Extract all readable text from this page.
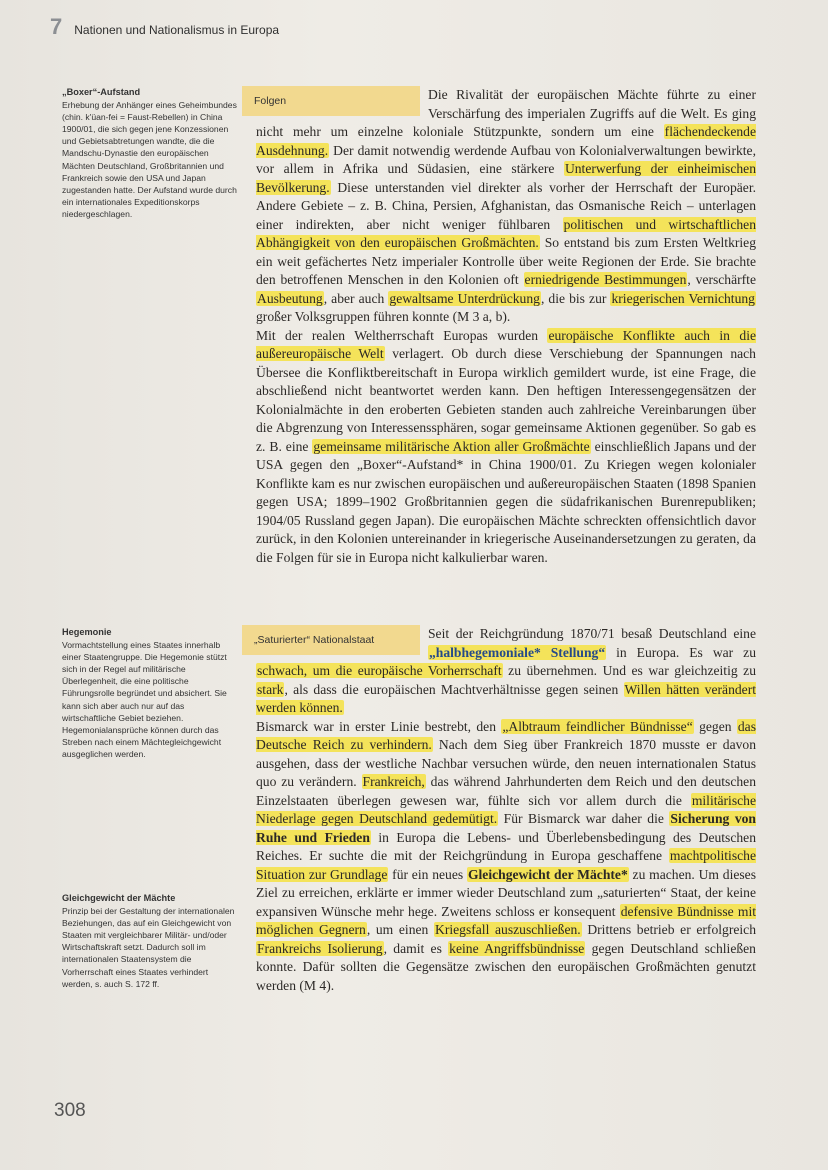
7 Nationen und Nationalismus in Europa
„Boxer“-Aufstand
Erhebung der Anhänger eines Geheimbundes (chin. k'üan-fei = Faust-Rebellen) in China 1900/01, die sich gegen jene Konzessionen und Gebietsabtretungen wandte, die die Mandschu-Dynastie den europäischen Mächten Deutschland, Großbritannien und Frankreich sowie den USA und Japan zugestanden hatte. Der Aufstand wurde durch ein internationales Expeditionskorps niedergeschlagen.
Hegemonie
Vormachtstellung eines Staates innerhalb einer Staatengruppe. Die Hegemonie stützt sich in der Regel auf militärische Überlegenheit, die eine politische Führungsrolle begründet und absichert. Sie kann sich aber auch nur auf das wirtschaftliche Gebiet beziehen. Hegemonialansprüche können durch das Streben nach einem Mächtegleichgewicht ausgeglichen werden.
Gleichgewicht der Mächte
Prinzip bei der Gestaltung der internationalen Beziehungen, das auf ein Gleichgewicht von Staaten mit vergleichbarer Militär- und/oder Wirtschaftskraft setzt. Dadurch soll im internationalen Staatensystem die Vorherrschaft eines Staates verhindert werden, s. auch S. 172 ff.
Folgen	Die Rivalität der europäischen Mächte führte zu einer Verschärfung des imperialen Zugriffs auf die Welt. Es ging nicht mehr um einzelne koloniale Stützpunkte, sondern um eine flächendeckende Ausdehnung. Der damit notwendig werdende Aufbau von Kolonialverwaltungen bewirkte, vor allem in Afrika und Südasien, eine stärkere Unterwerfung der einheimischen Bevölkerung. Diese unterstanden viel direkter als vorher der Herrschaft der Europäer. Andere Gebiete – z. B. China, Persien, Afghanistan, das Osmanische Reich – unterlagen einer indirekten, aber nicht weniger fühlbaren politischen und wirtschaftlichen Abhängigkeit von den europäischen Großmächten. So entstand bis zum Ersten Weltkrieg ein weit gefächertes Netz imperialer Kontrolle über weite Regionen der Erde. Sie brachte den betroffenen Menschen in den Kolonien oft erniedrigende Bestimmungen, verschärfte Ausbeutung, aber auch gewaltsame Unterdrückung, die bis zur kriegerischen Vernichtung großer Volksgruppen führen konnte (M 3 a, b).

Mit der realen Weltherrschaft Europas wurden europäische Konflikte auch in die außereuropäische Welt verlagert. Ob durch diese Verschiebung der Spannungen nach Übersee die Konfliktbereitschaft in Europa wirklich gemildert wurde, ist eine Frage, die abschließend nicht beantwortet werden kann. Den heftigen Interessengegensätzen der Kolonialmächte in den eroberten Gebieten standen auch zahlreiche Vereinbarungen über die Abgrenzung von Interessenssphären, sogar gemeinsame Aktionen gegenüber. So gab es z. B. eine gemeinsame militärische Aktion aller Großmächte einschließlich Japans und der USA gegen den „Boxer“-Aufstand* in China 1900/01. Zu Kriegen wegen kolonialer Konflikte kam es nur zwischen europäischen und außereuropäischen Staaten (1898 Spanien gegen USA; 1899–1902 Großbritannien gegen die südafrikanischen Burenrepubliken; 1904/05 Russland gegen Japan). Die europäischen Mächte schreckten offensichtlich davor zurück, in den Kolonien untereinander in kriegerische Auseinandersetzungen zu geraten, da die Folgen für sie in Europa nicht kalkulierbar waren.

„Saturierter“ Nationalstaat	Seit der Reichgründung 1870/71 besaß Deutschland eine „halbhegemoniale* Stellung“ in Europa. Es war zu schwach, um die europäische Vorherrschaft zu übernehmen. Und es war gleichzeitig zu stark, als dass die europäischen Machtverhältnisse gegen seinen Willen hätten verändert werden können.

Bismarck war in erster Linie bestrebt, den „Albtraum feindlicher Bündnisse“ gegen das Deutsche Reich zu verhindern. Nach dem Sieg über Frankreich 1870 musste er davon ausgehen, dass der westliche Nachbar versuchen würde, den neuen internationalen Status quo zu verändern. Frankreich, das während Jahrhunderten dem Reich und den deutschen Einzelstaaten überlegen gewesen war, fühlte sich vor allem durch die militärische Niederlage gegen Deutschland gedemütigt. Für Bismarck war daher die Sicherung von Ruhe und Frieden in Europa die Lebens- und Überlebensbedingung des Deutschen Reiches. Er suchte die mit der Reichgründung in Europa geschaffene machtpolitische Situation zur Grundlage für ein neues Gleichgewicht der Mächte* zu machen. Um dieses Ziel zu erreichen, erklärte er immer wieder Deutschland zum „saturierten“ Staat, der keine expansiven Wünsche mehr hege. Zweitens schloss er konsequent defensive Bündnisse mit möglichen Gegnern, um einen Kriegsfall auszuschließen. Drittens betrieb er erfolgreich Frankreichs Isolierung, damit es keine Angriffsbündnisse gegen Deutschland schließen konnte. Dafür sollten die Gegensätze zwischen den europäischen Großmächten genutzt werden (M 4).

308
